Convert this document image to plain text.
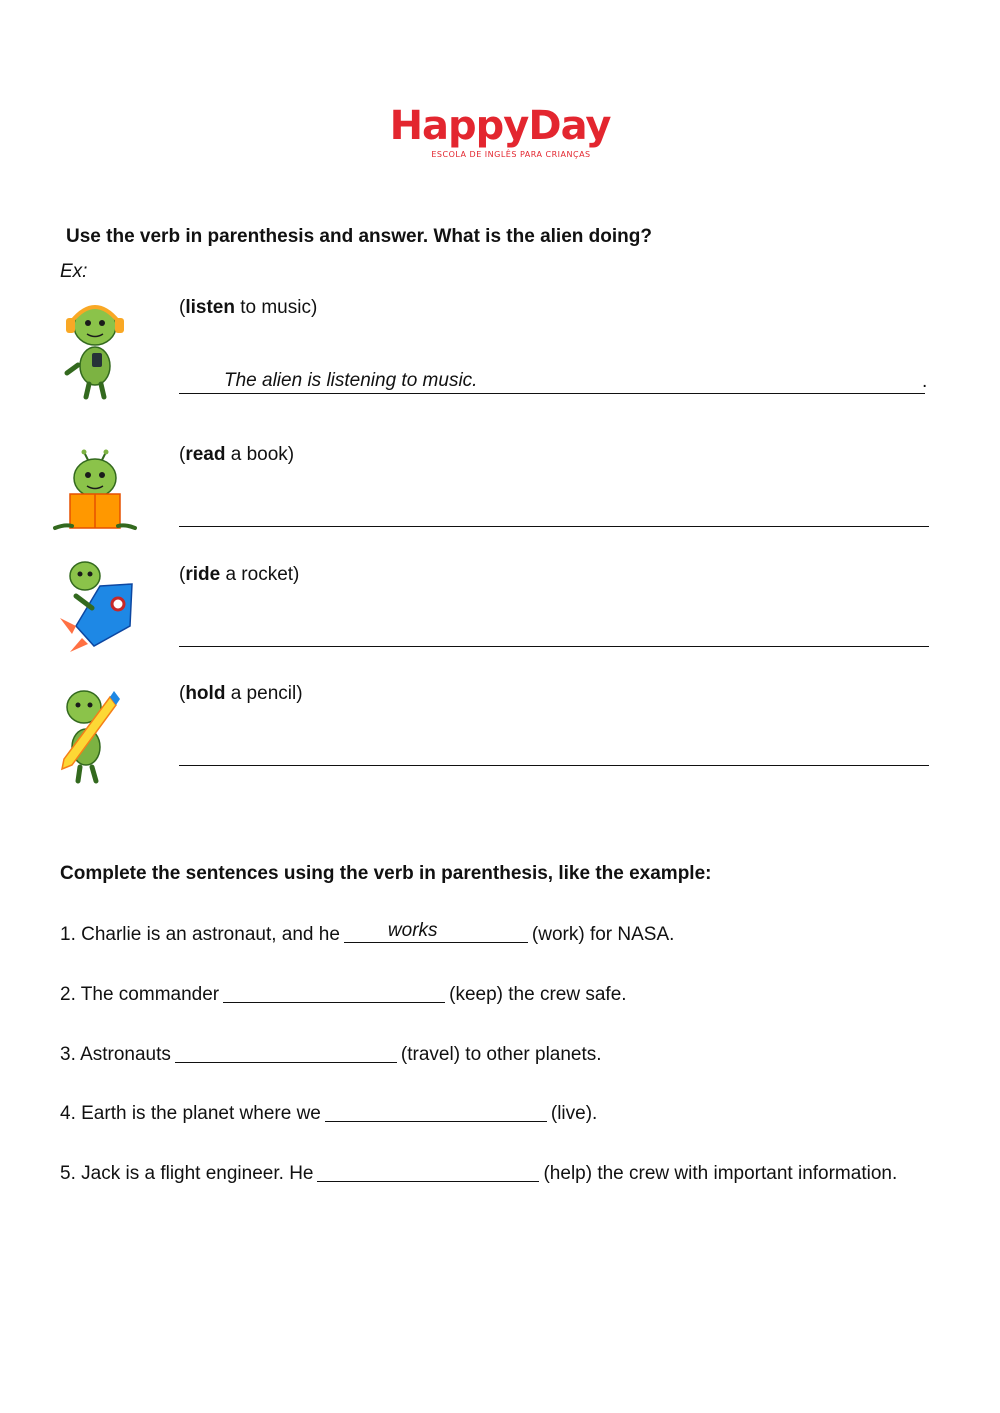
HappyDay
ESCOLA DE INGLÊS PARA CRIANÇAS
Use the verb in parenthesis and answer. What is the alien doing?
Ex:
(listen to music)
The alien is listening to music.	.
(read a book)
(ride a rocket)
(hold a pencil)
Complete the sentences using the verb in parenthesis, like the example:
1. Charlie is an astronaut, and he	works	(work) for NASA.
2. The commander	(keep) the crew safe.
3. Astronauts	(travel) to other planets.
4. Earth is the planet where we	(live).
5. Jack is a flight engineer. He	(help) the crew with important information.
